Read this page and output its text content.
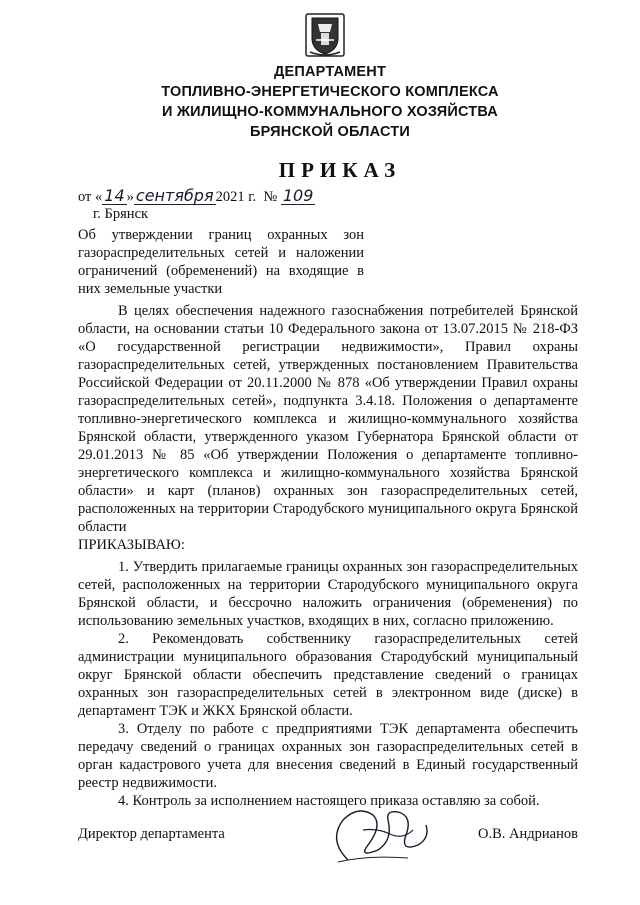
ДЕПАРТАМЕНТ
ТОПЛИВНО-ЭНЕРГЕТИЧЕСКОГО КОМПЛЕКСА
И ЖИЛИЩНО-КОММУНАЛЬНОГО ХОЗЯЙСТВА
БРЯНСКОЙ ОБЛАСТИ
ПРИКАЗ
от « 14 » сентября 2021 г. № 109
г. Брянск
Об утверждении границ охранных зон газораспределительных сетей и наложении ограничений (обременений) на входящие в них земельные участки

В целях обеспечения надежного газоснабжения потребителей Брянской области, на основании статьи 10 Федерального закона от 13.07.2015 № 218-ФЗ «О государственной регистрации недвижимости», Правил охраны газораспределительных сетей, утвержденных постановлением Правительства Российской Федерации от 20.11.2000 № 878 «Об утверждении Правил охраны газораспределительных сетей», подпункта 3.4.18. Положения о департаменте топливно-энергетического комплекса и жилищно-коммунального хозяйства Брянской области, утвержденного указом Губернатора Брянской области от 29.01.2013 № 85 «Об утверждении Положения о департаменте топливно-энергетического комплекса и жилищно-коммунального хозяйства Брянской области» и карт (планов) охранных зон газораспределительных сетей, расположенных на территории Стародубского муниципального округа Брянской области

ПРИКАЗЫВАЮ:

1. Утвердить прилагаемые границы охранных зон газораспределительных сетей, расположенных на территории Стародубского муниципального округа Брянской области, и бессрочно наложить ограничения (обременения) по использованию земельных участков, входящих в них, согласно приложению.

2. Рекомендовать собственнику газораспределительных сетей администрации муниципального образования Стародубский муниципальный округ Брянской области обеспечить представление сведений о границах охранных зон газораспределительных сетей в электронном виде (диске) в департамент ТЭК и ЖКХ Брянской области.

3. Отделу по работе с предприятиями ТЭК департамента обеспечить передачу сведений о границах охранных зон газораспределительных сетей в орган кадастрового учета для внесения сведений в Единый государственный реестр недвижимости.

4. Контроль за исполнением настоящего приказа оставляю за собой.

Директор департамента	О.В. Андрианов
